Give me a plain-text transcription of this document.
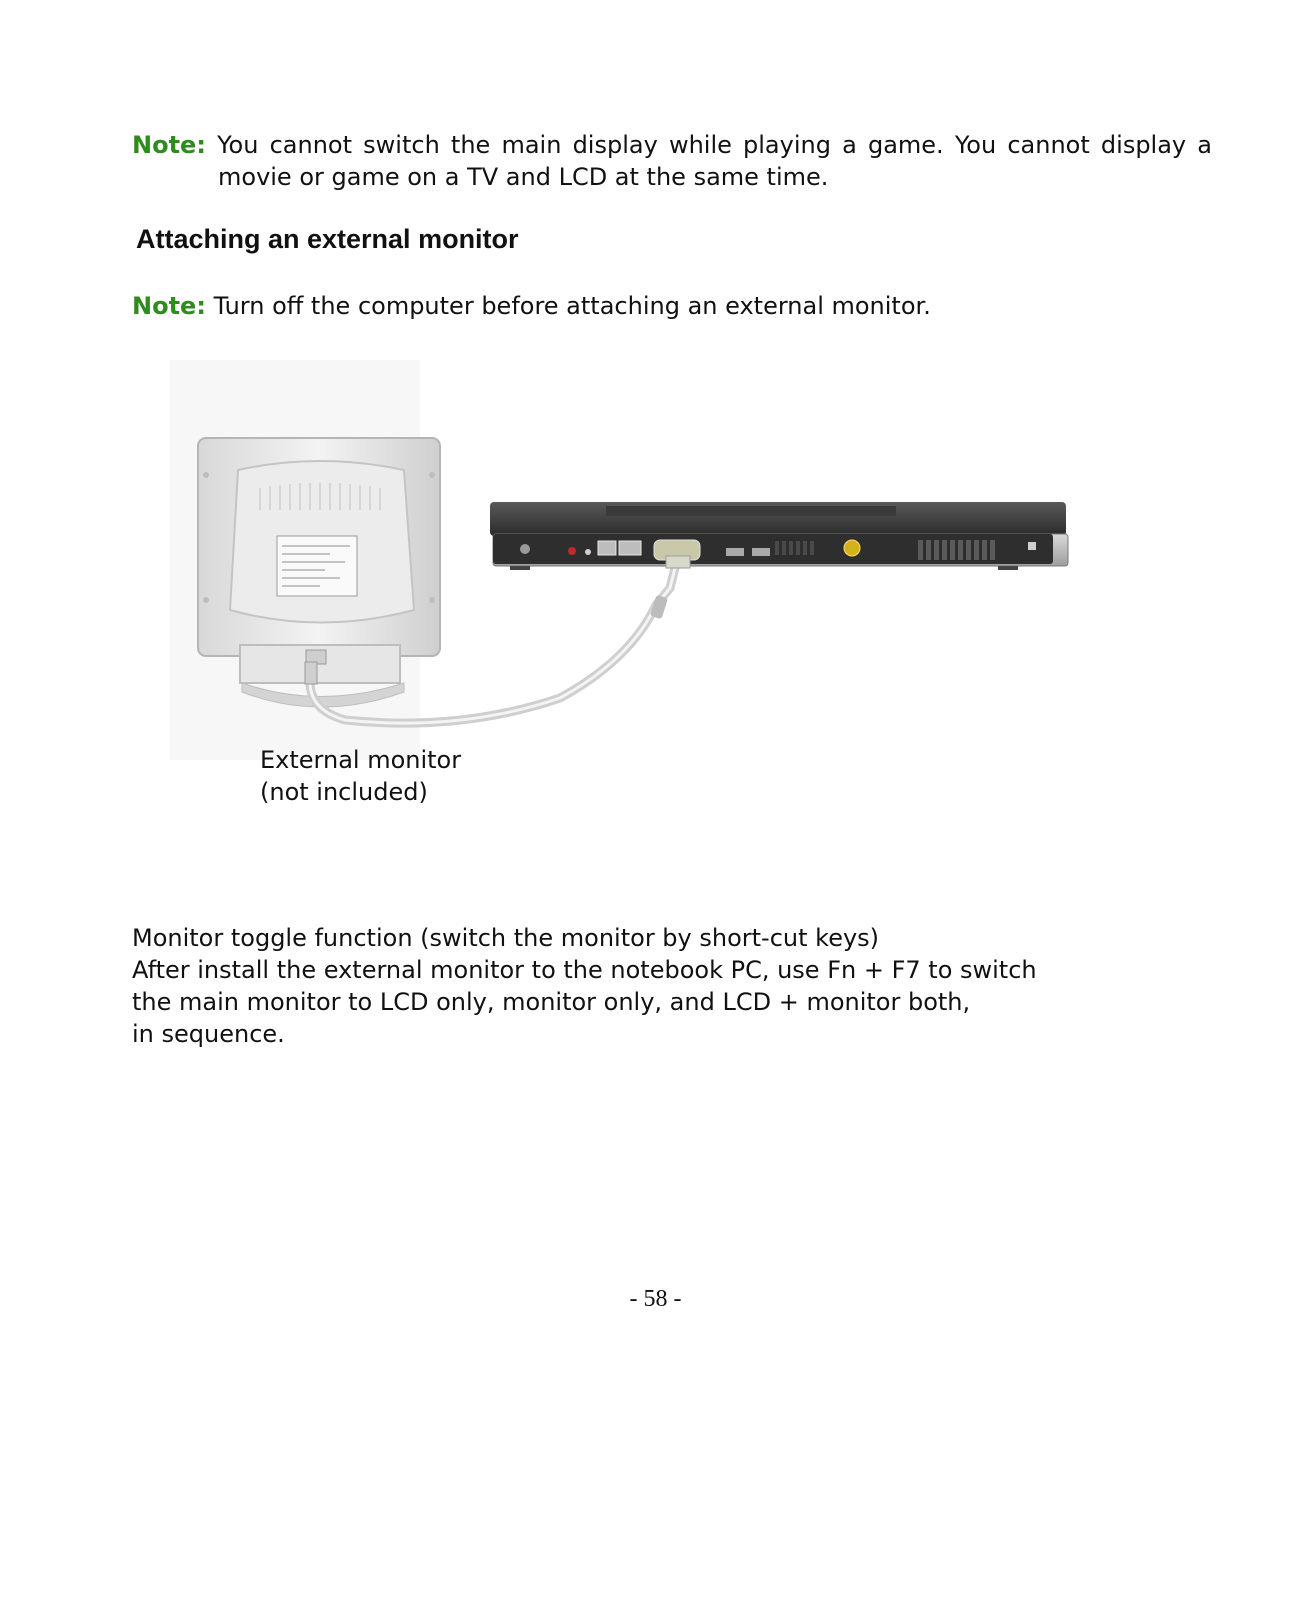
Note: You cannot switch the main display while playing a game. You cannot display a movie or game on a TV and LCD at the same time.
Attaching an external monitor
Note: Turn off the computer before attaching an external monitor.
External monitor
(not included)
Monitor toggle function (switch the monitor by short-cut keys)
After install the external monitor to the notebook PC, use Fn + F7 to switch
the main monitor to LCD only, monitor only, and LCD + monitor both,
in sequence.
- 58 -
